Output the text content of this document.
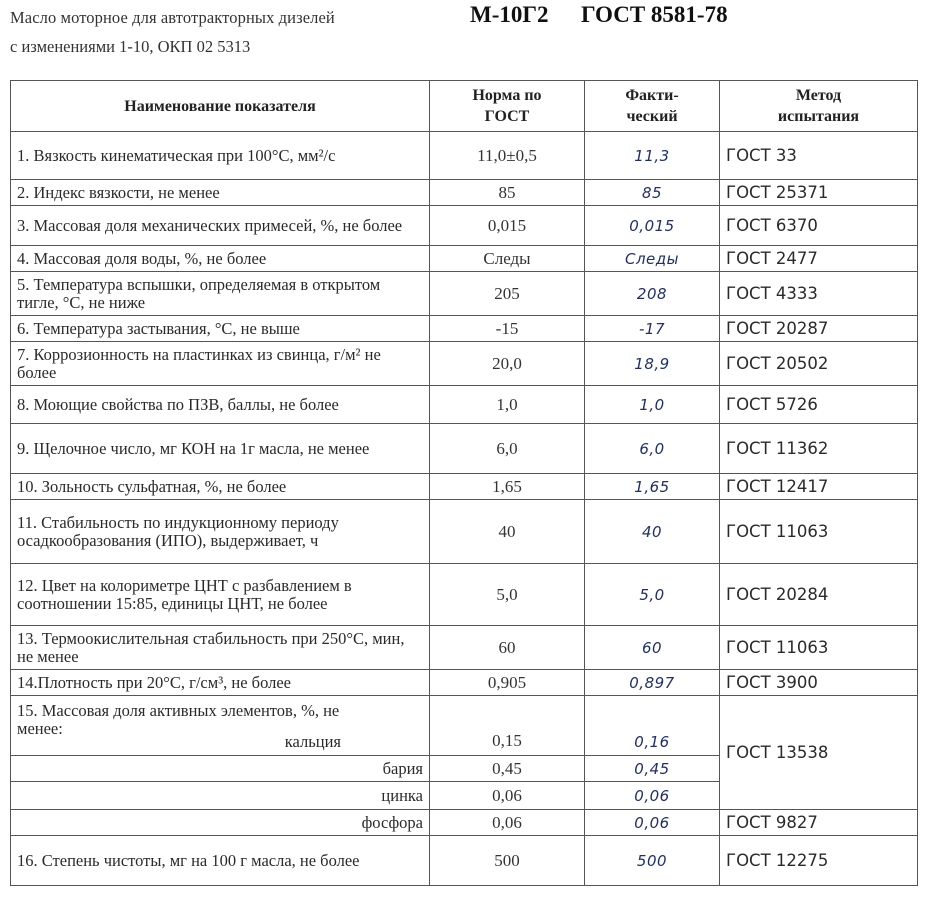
Масло моторное для автотракторных дизелей	М-10Г2 ГОСТ 8581-78
с изменениями 1-10, ОКП 02 5313
Наименование показателя	Норма по ГОСТ	Факти-ческий	Метод испытания
1. Вязкость кинематическая при 100°С, мм²/с	11,0±0,5	11,3	ГОСТ 33
2. Индекс вязкости, не менее	85	85	ГОСТ 25371
3. Массовая доля механических примесей, %, не более	0,015	0,015	ГОСТ 6370
4. Массовая доля воды, %, не более	Следы	Следы	ГОСТ 2477
5. Температура вспышки, определяемая в открытом тигле, °С, не ниже	205	208	ГОСТ 4333
6. Температура застывания, °С, не выше	-15	-17	ГОСТ 20287
7. Коррозионность на пластинках из свинца, г/м² не более	20,0	18,9	ГОСТ 20502
8. Моющие свойства по ПЗВ, баллы, не более	1,0	1,0	ГОСТ 5726
9. Щелочное число, мг КОН на 1г масла, не менее	6,0	6,0	ГОСТ 11362
10. Зольность сульфатная, %, не более	1,65	1,65	ГОСТ 12417
11. Стабильность по индукционному периоду осадкообразования (ИПО), выдерживает, ч	40	40	ГОСТ 11063
12. Цвет на колориметре ЦНТ с разбавлением в соотношении 15:85, единицы ЦНТ, не более	5,0	5,0	ГОСТ 20284
13. Термоокислительная стабильность при 250°С, мин, не менее	60	60	ГОСТ 11063
14.Плотность при 20°С, г/см³, не более	0,905	0,897	ГОСТ 3900

15. Массовая доля активных элементов, %, не менее:
кальция	0,15	0,16	ГОСТ 13538
бария	0,45	0,45	
цинка	0,06	0,06	
фосфора	0,06	0,06	ГОСТ 9827
16. Степень чистоты, мг на 100 г масла, не более	500	500	ГОСТ 12275
